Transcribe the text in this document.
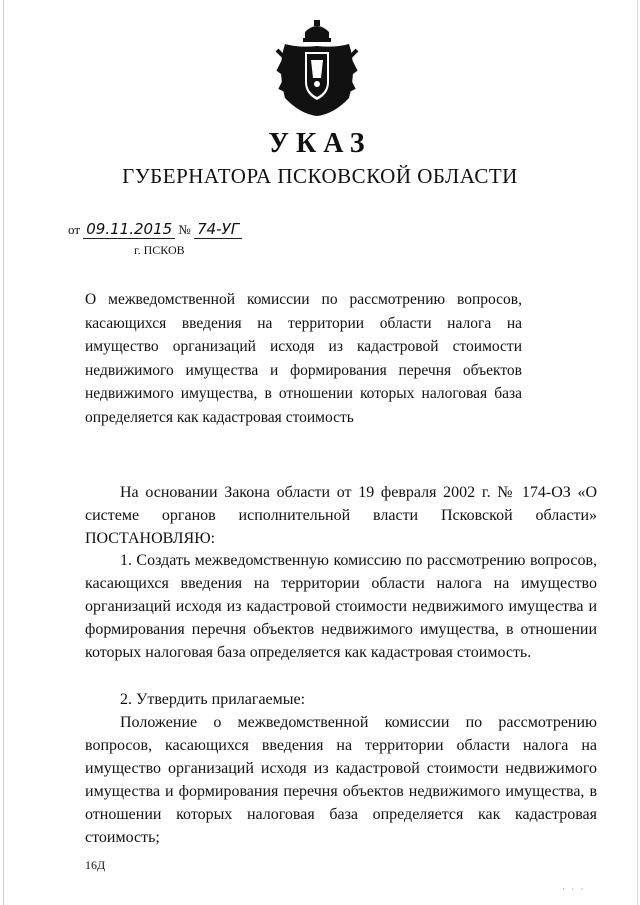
УКАЗ
ГУБЕРНАТОРА ПСКОВСКОЙ ОБЛАСТИ
от 09.11.2015 № 74-УГ
г. ПСКОВ
О межведомственной комиссии по рассмотрению вопросов, касающихся введения на территории области налога на имущество организаций исходя из кадастровой стоимости недвижимого имущества и формирования перечня объектов недвижимого имущества, в отношении которых налоговая база определяется как кадастровая стоимость
На основании Закона области от 19 февраля 2002 г. № 174-ОЗ «О системе органов исполнительной власти Псковской области» ПОСТАНОВЛЯЮ:
1. Создать межведомственную комиссию по рассмотрению вопросов, касающихся введения на территории области налога на имущество организаций исходя из кадастровой стоимости недвижимого имущества и формирования перечня объектов недвижимого имущества, в отношении которых налоговая база определяется как кадастровая стоимость.
2. Утвердить прилагаемые:
Положение о межведомственной комиссии по рассмотрению вопросов, касающихся введения на территории области налога на имущество организаций исходя из кадастровой стоимости недвижимого имущества и формирования перечня объектов недвижимого имущества, в отношении которых налоговая база определяется как кадастровая стоимость;
16Д
· · ·
